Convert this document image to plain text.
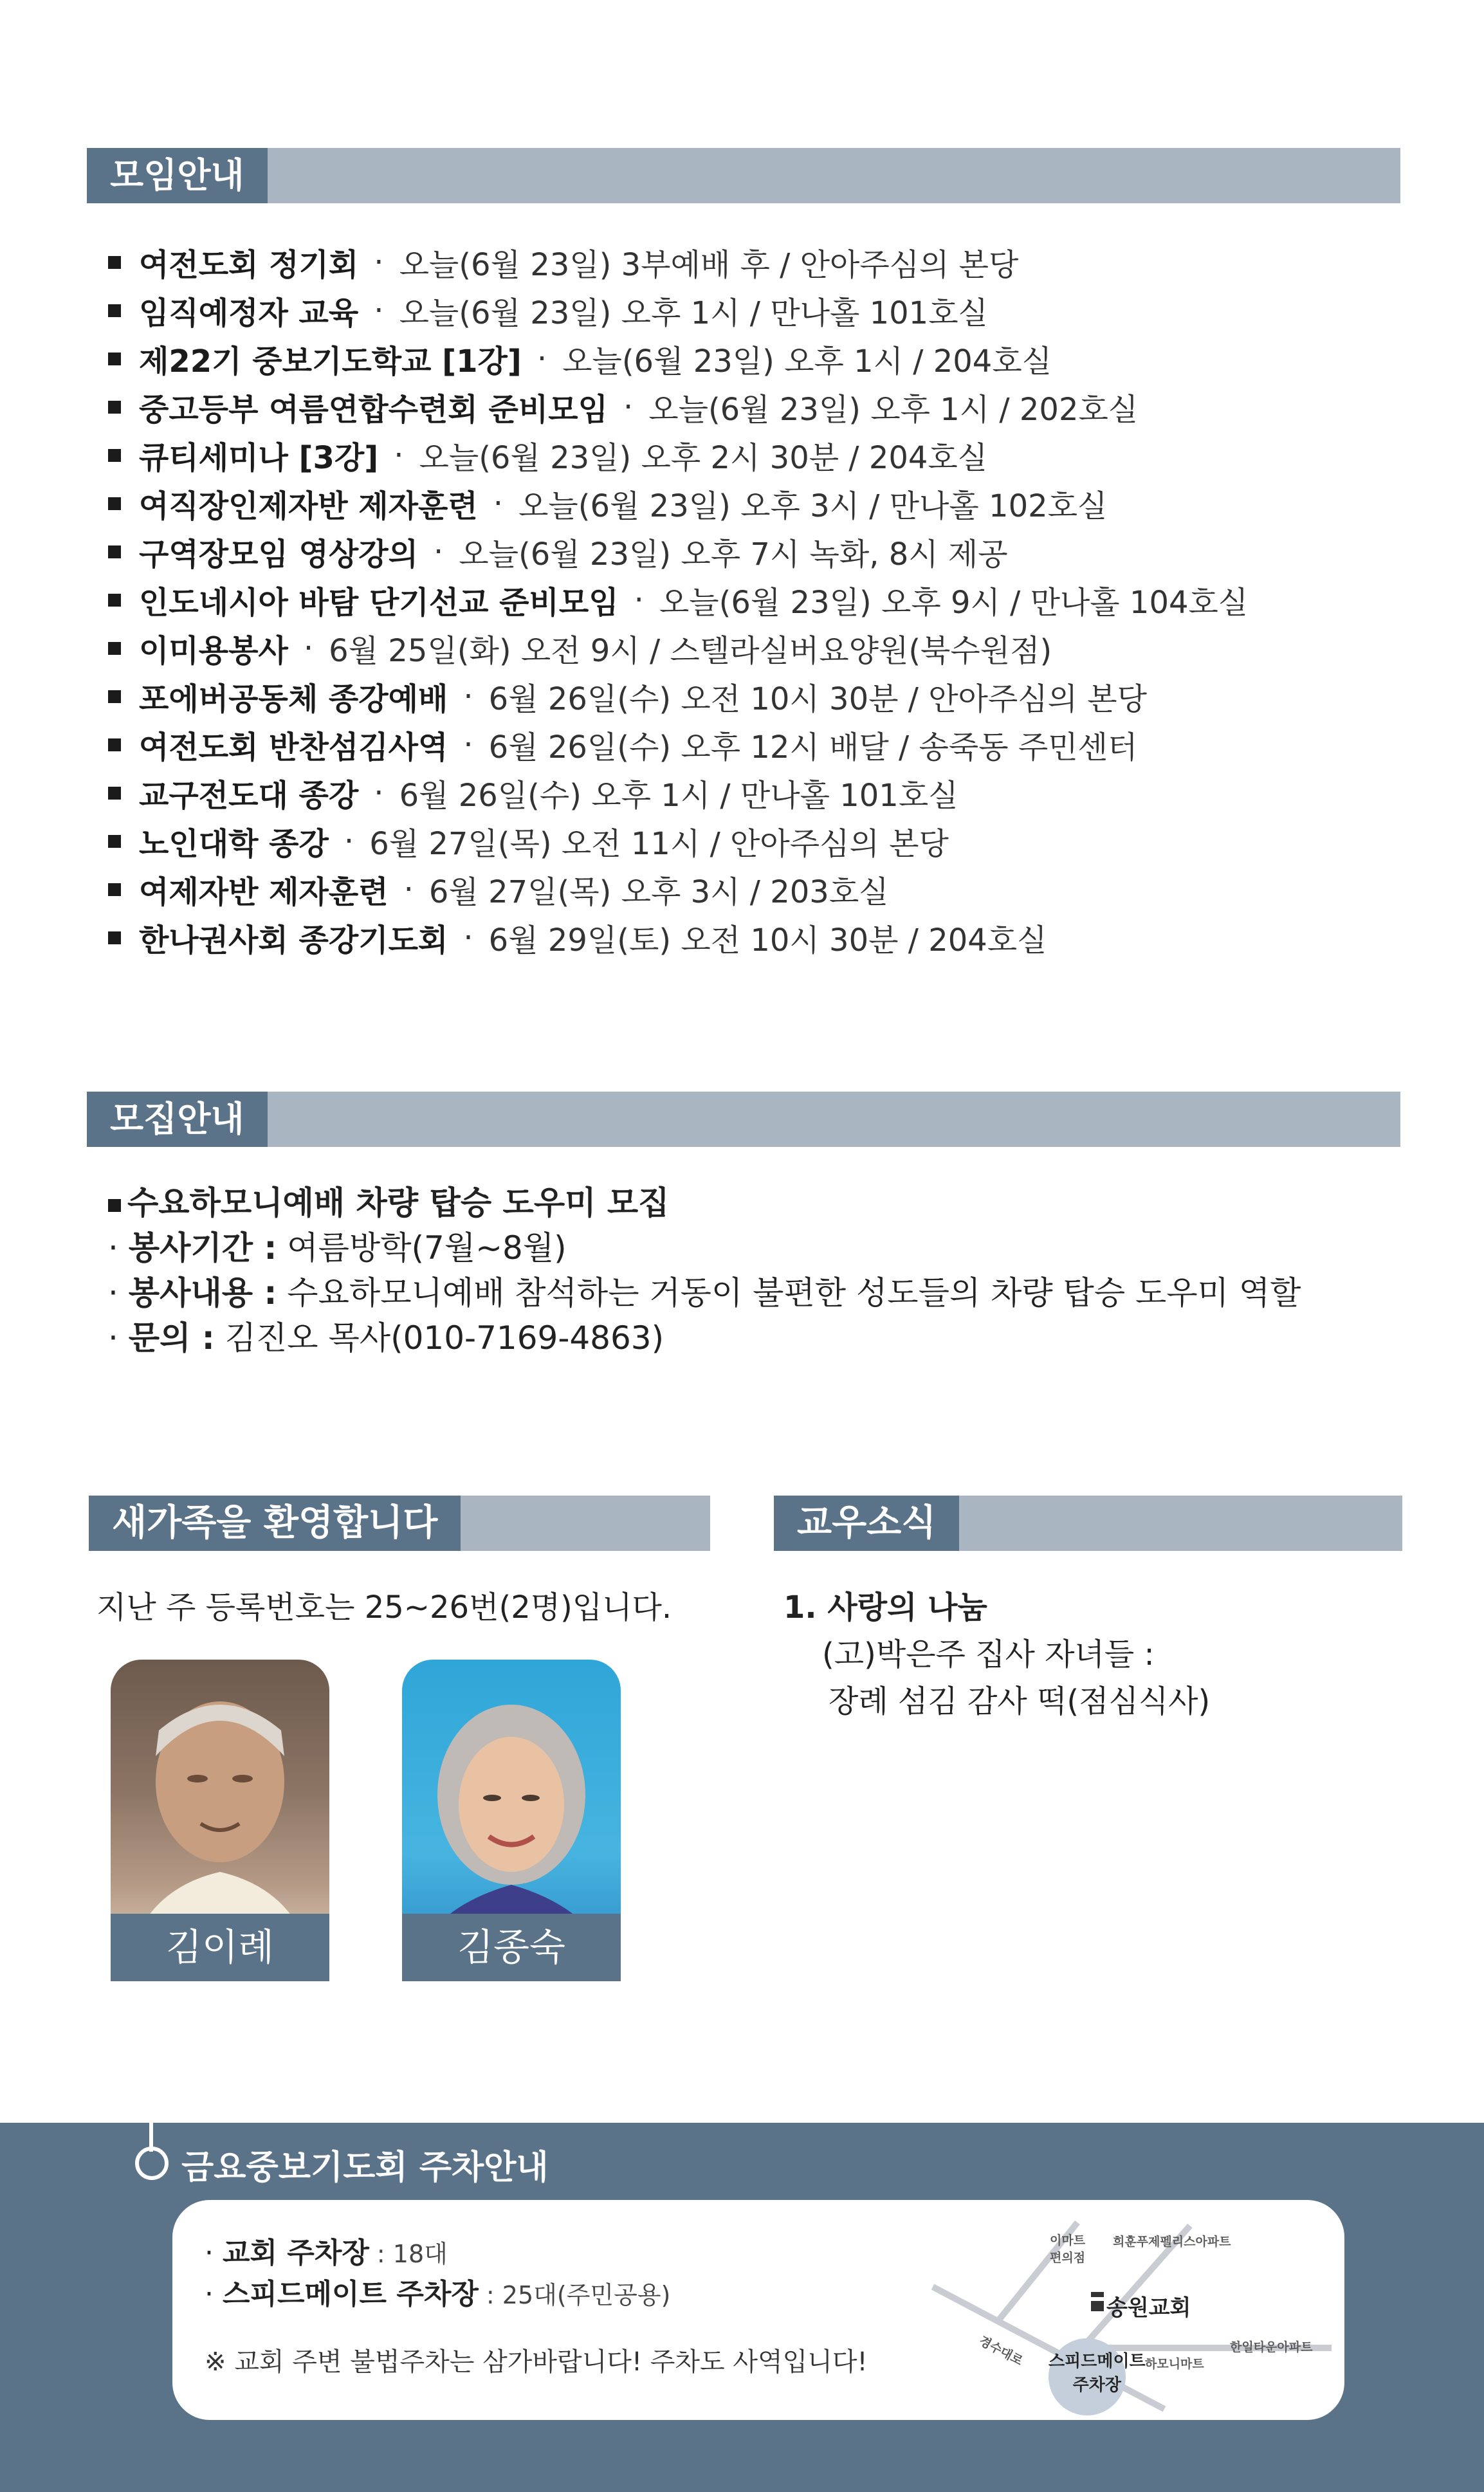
모임안내
여전도회 정기회 · 오늘(6월 23일) 3부예배 후 / 안아주심의 본당
임직예정자 교육 · 오늘(6월 23일) 오후 1시 / 만나홀 101호실
제22기 중보기도학교 [1강] · 오늘(6월 23일) 오후 1시 / 204호실
중고등부 여름연합수련회 준비모임 · 오늘(6월 23일) 오후 1시 / 202호실
큐티세미나 [3강] · 오늘(6월 23일) 오후 2시 30분 / 204호실
여직장인제자반 제자훈련 · 오늘(6월 23일) 오후 3시 / 만나홀 102호실
구역장모임 영상강의 · 오늘(6월 23일) 오후 7시 녹화, 8시 제공
인도네시아 바탐 단기선교 준비모임 · 오늘(6월 23일) 오후 9시 / 만나홀 104호실
이미용봉사 · 6월 25일(화) 오전 9시 / 스텔라실버요양원(북수원점)
포에버공동체 종강예배 · 6월 26일(수) 오전 10시 30분 / 안아주심의 본당
여전도회 반찬섬김사역 · 6월 26일(수) 오후 12시 배달 / 송죽동 주민센터
교구전도대 종강 · 6월 26일(수) 오후 1시 / 만나홀 101호실
노인대학 종강 · 6월 27일(목) 오전 11시 / 안아주심의 본당
여제자반 제자훈련 · 6월 27일(목) 오후 3시 / 203호실
한나권사회 종강기도회 · 6월 29일(토) 오전 10시 30분 / 204호실
모집안내
수요하모니예배 차량 탑승 도우미 모집
· 봉사기간 : 여름방학(7월~8월)
· 봉사내용 : 수요하모니예배 참석하는 거동이 불편한 성도들의 차량 탑승 도우미 역할
· 문의 : 김진오 목사(010-7169-4863)
새가족을 환영합니다
지난 주 등록번호는 25~26번(2명)입니다.
김이례	김종숙
교우소식
1. 사랑의 나눔
(고)박은주 집사 자녀들 :
장례 섬김 감사 떡(점심식사)
금요중보기도회 주차안내
· 교회 주차장 : 18대
· 스피드메이트 주차장 : 25대(주민공용)
※ 교회 주변 불법주차는 삼가바랍니다! 주차도 사역입니다!
이마트
편의점
희훈푸제펠리스아파트
송원교회
경수대로 스피드메이트
주차장
하모니마트
한일타운아파트
